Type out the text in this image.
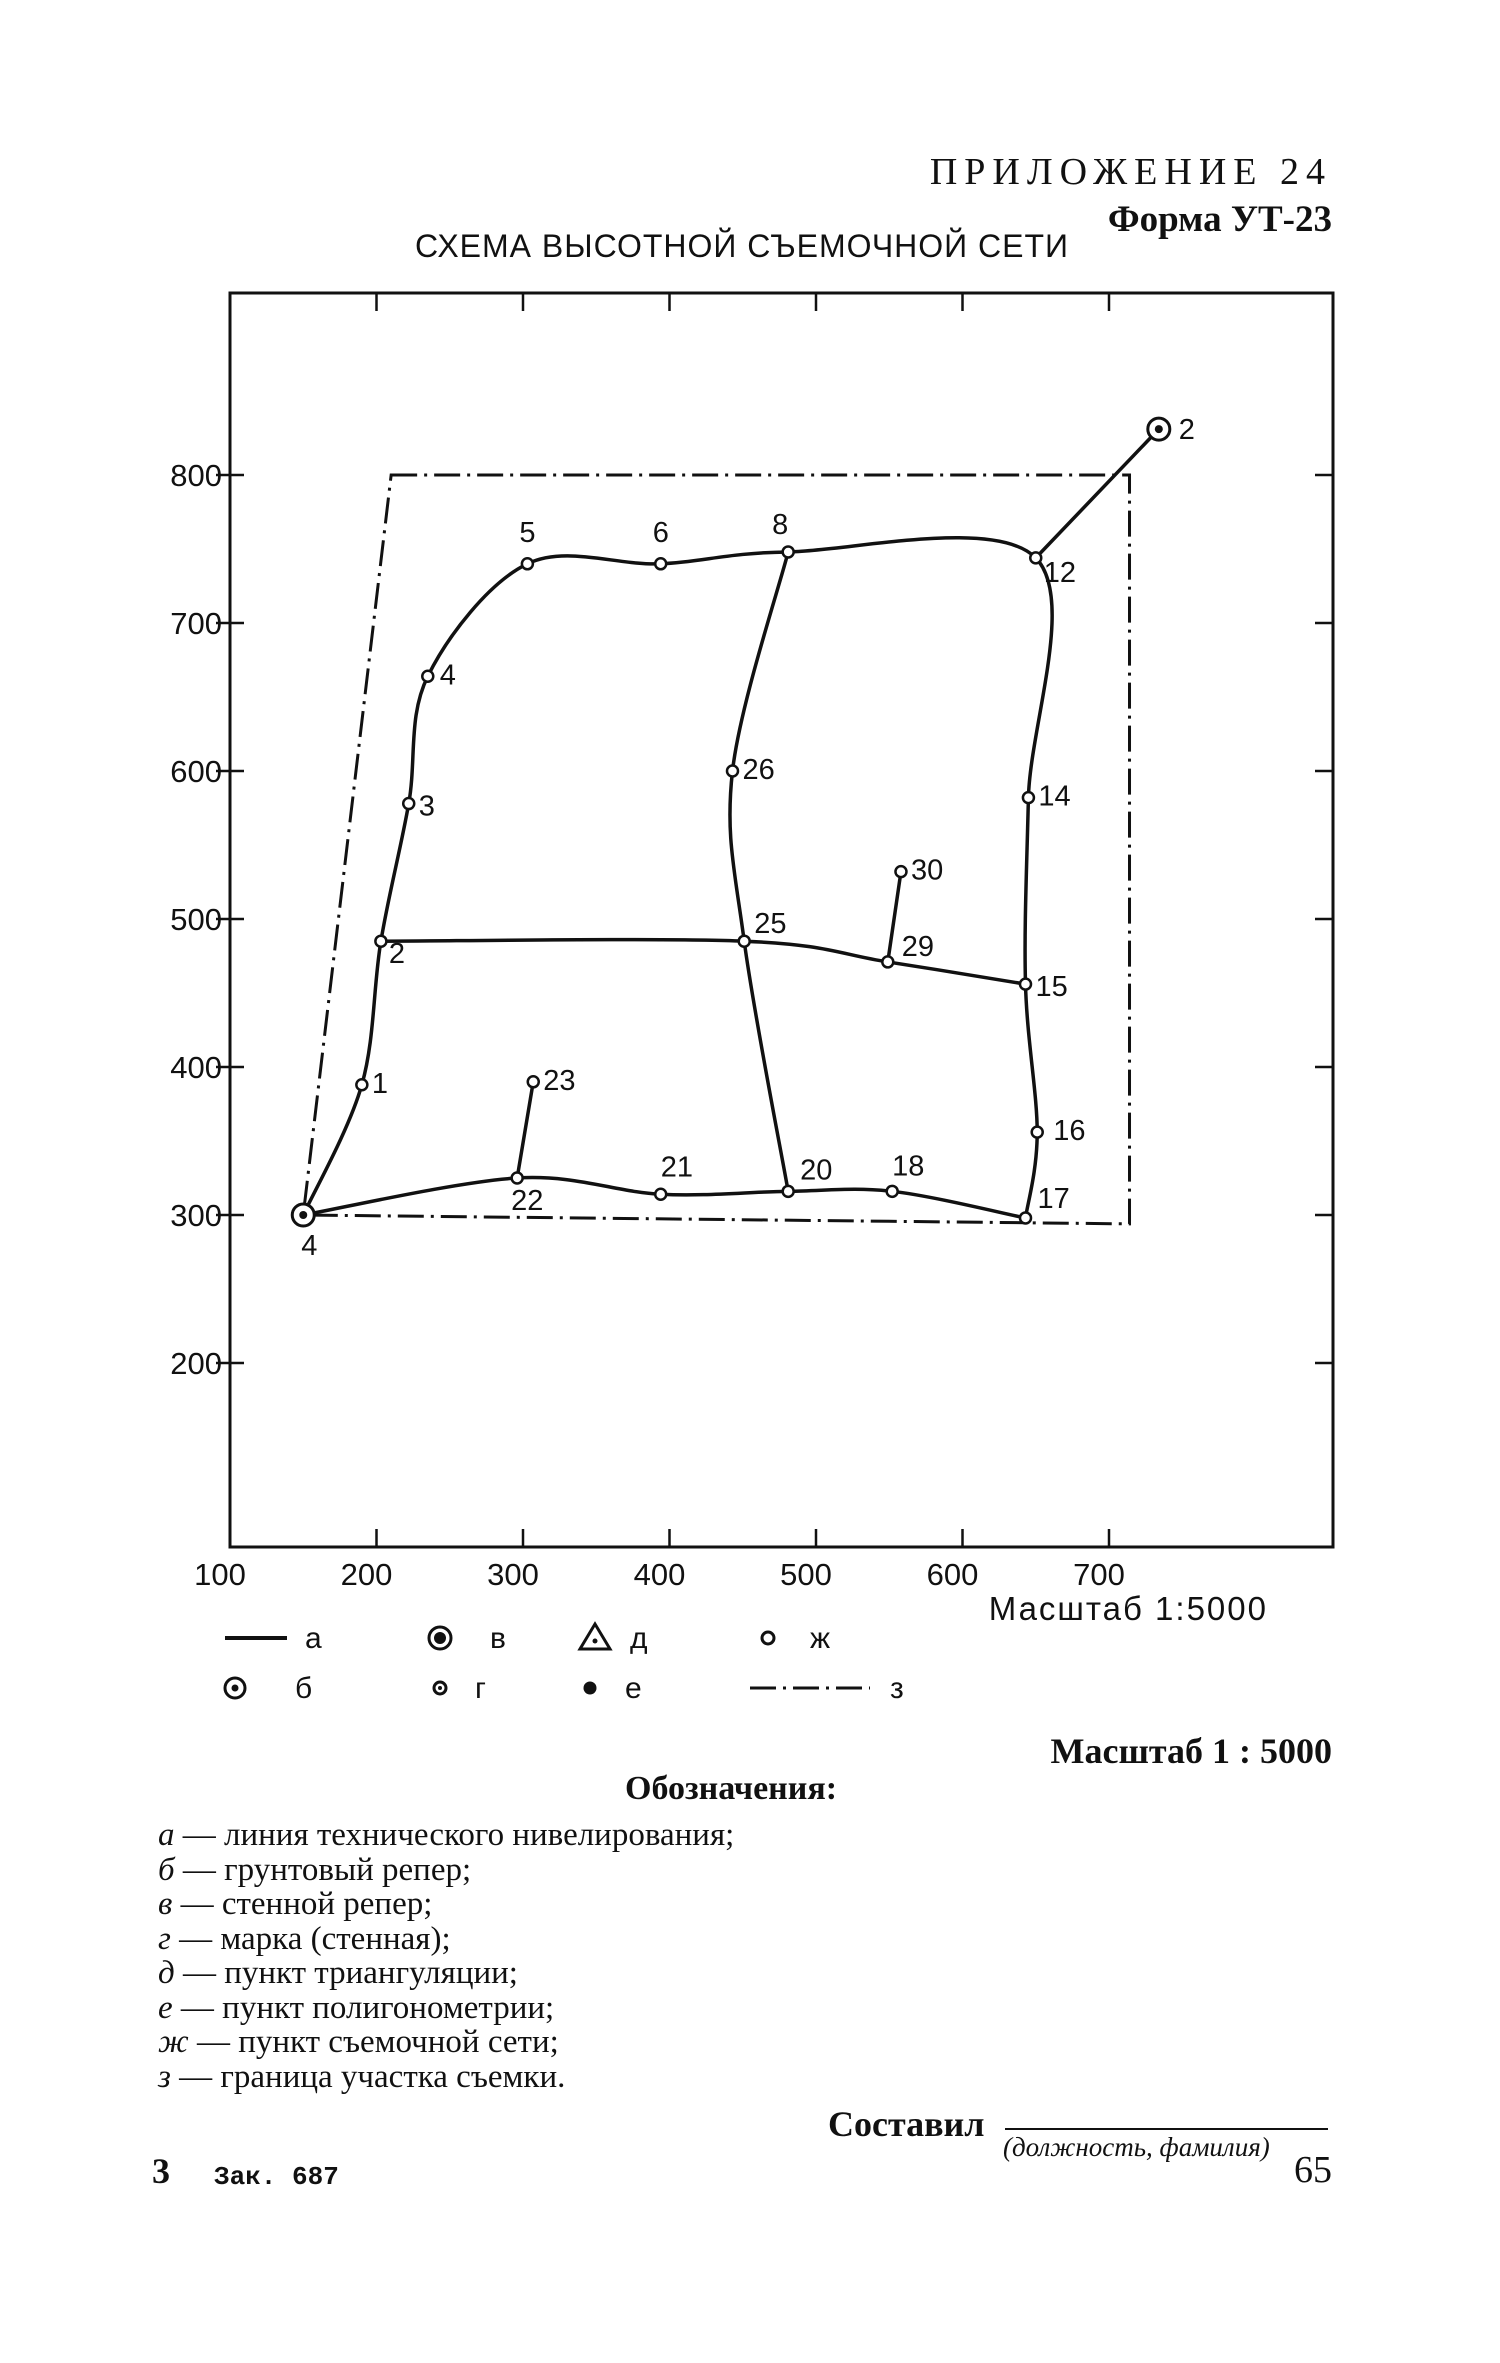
ПРИЛОЖЕНИЕ 24
Форма УТ-23
СХЕМА ВЫСОТНОЙ СЪЕМОЧНОЙ СЕТИ
4
2
1
2
3
4
5	6	8
12
14
15
16
17
18
20
21
22
23
25
26
29
30
100	200	300	400	500	600	700
800
700
600
500
400
300
200
Масштаб 1:5000
а	в	д	ж
б	г	е	з
Масштаб 1 : 5000
Обозначения:
а — линия технического нивелирования;
б — грунтовый репер;
в — стенной репер;
г — марка (стенная);
д — пункт триангуляции;
е — пункт полигонометрии;
ж — пункт съемочной сети;
з — граница участка съемки.
Составил
(должность, фамилия)
65
3 Зак. 687
